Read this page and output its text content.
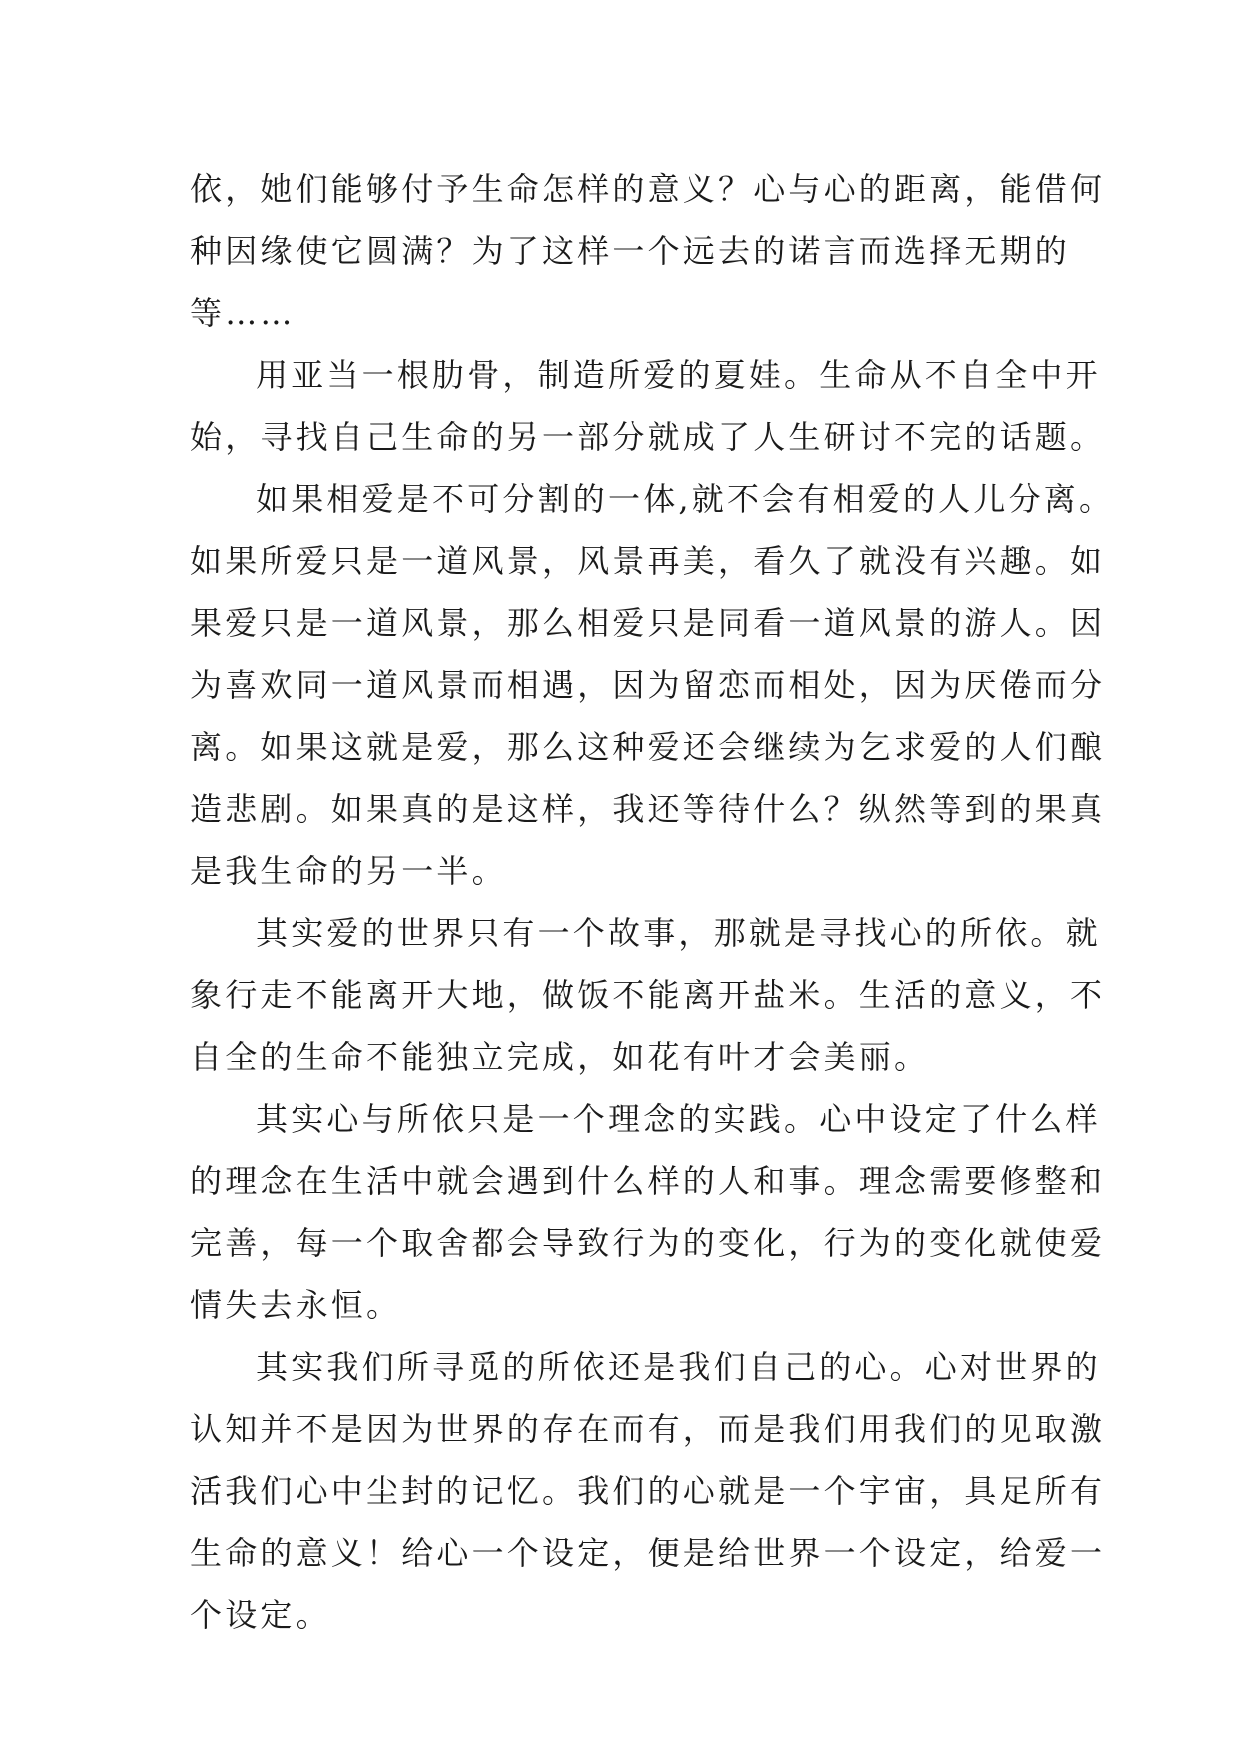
依，她们能够付予生命怎样的意义？心与心的距离，能借何
种因缘使它圆满？为了这样一个远去的诺言而选择无期的
等……

用亚当一根肋骨，制造所爱的夏娃。生命从不自全中开
始，寻找自己生命的另一部分就成了人生研讨不完的话题。

如果相爱是不可分割的一体,就不会有相爱的人儿分离。
如果所爱只是一道风景，风景再美，看久了就没有兴趣。如
果爱只是一道风景，那么相爱只是同看一道风景的游人。因
为喜欢同一道风景而相遇，因为留恋而相处，因为厌倦而分
离。如果这就是爱，那么这种爱还会继续为乞求爱的人们酿
造悲剧。如果真的是这样，我还等待什么？纵然等到的果真
是我生命的另一半。

其实爱的世界只有一个故事，那就是寻找心的所依。就
象行走不能离开大地，做饭不能离开盐米。生活的意义，不
自全的生命不能独立完成，如花有叶才会美丽。

其实心与所依只是一个理念的实践。心中设定了什么样
的理念在生活中就会遇到什么样的人和事。理念需要修整和
完善，每一个取舍都会导致行为的变化，行为的变化就使爱
情失去永恒。

其实我们所寻觅的所依还是我们自己的心。心对世界的
认知并不是因为世界的存在而有，而是我们用我们的见取激
活我们心中尘封的记忆。我们的心就是一个宇宙，具足所有
生命的意义！给心一个设定，便是给世界一个设定，给爱一
个设定。
